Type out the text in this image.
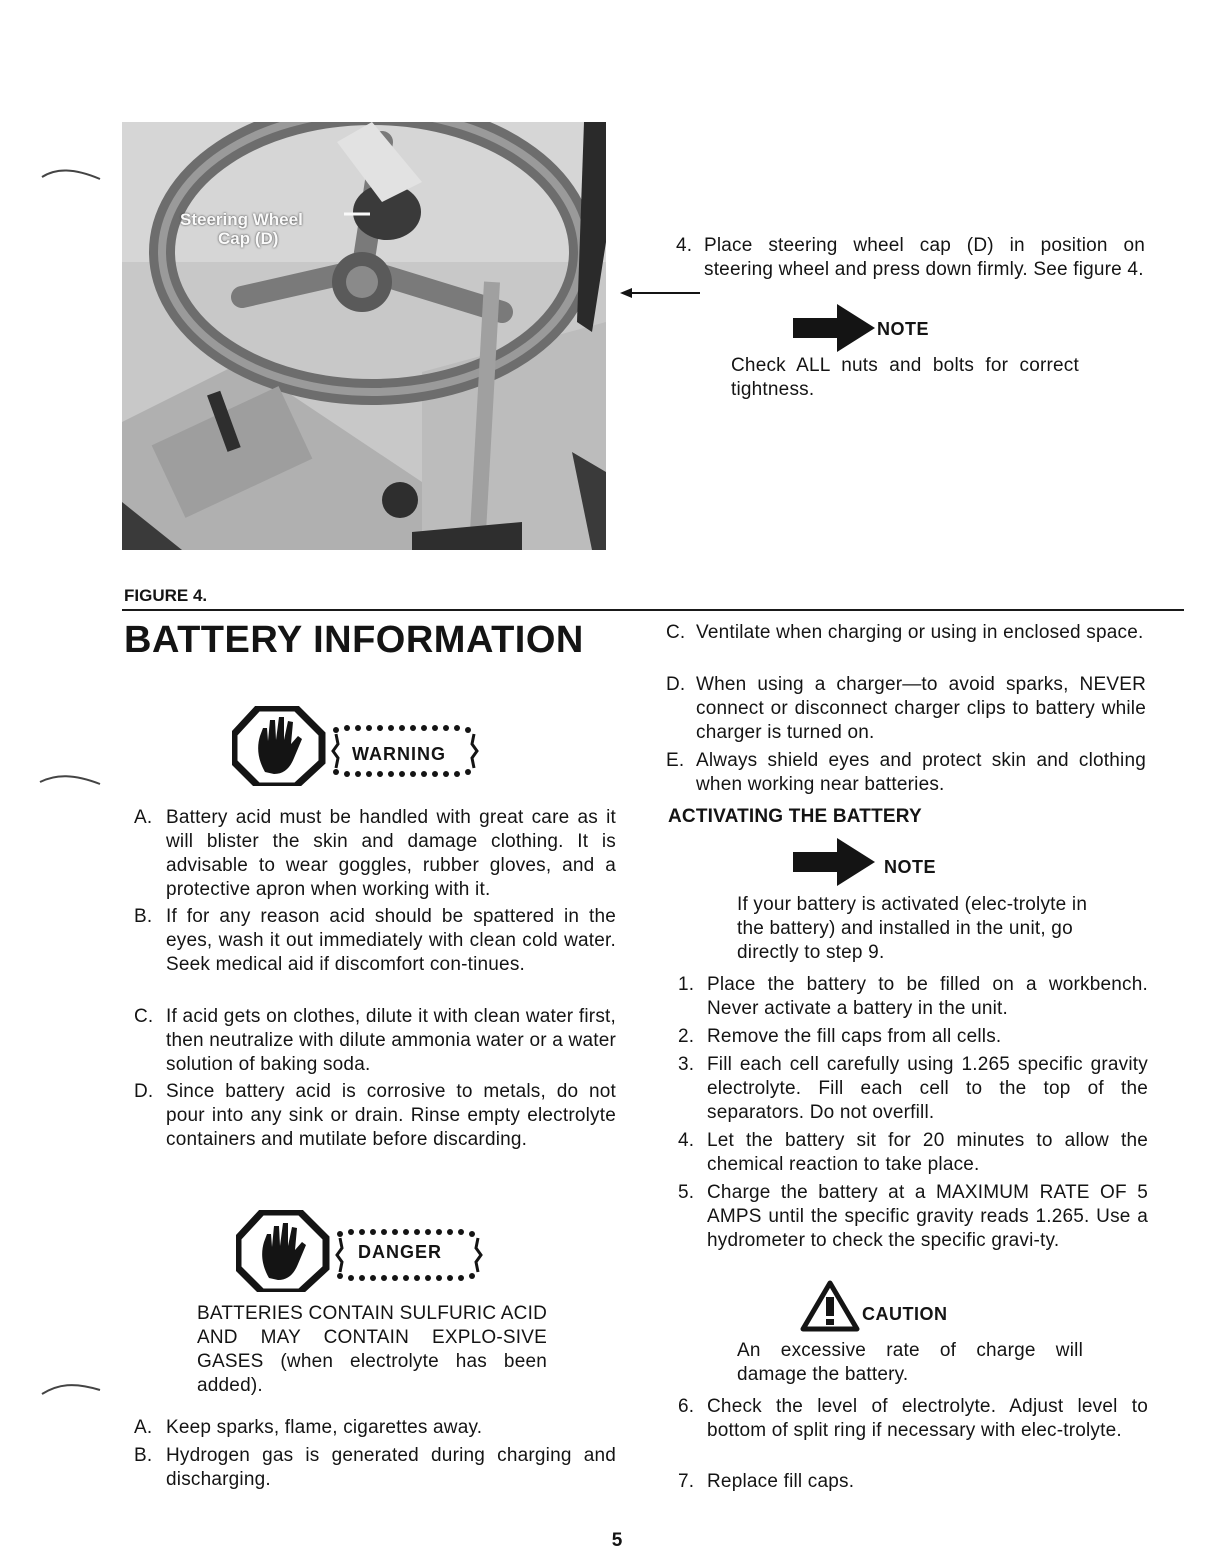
Steering Wheel
Cap (D)
FIGURE 4.
4. Place steering wheel cap (D) in position on steering wheel and press down firmly. See figure 4.
NOTE
Check ALL nuts and bolts for correct tightness.
BATTERY INFORMATION
WARNING
A. Battery acid must be handled with great care as it will blister the skin and damage clothing. It is advisable to wear goggles, rubber gloves, and a protective apron when working with it.
B. If for any reason acid should be spattered in the eyes, wash it out immediately with clean cold water. Seek medical aid if discomfort con-tinues.
C. If acid gets on clothes, dilute it with clean water first, then neutralize with dilute ammonia water or a water solution of baking soda.
D. Since battery acid is corrosive to metals, do not pour into any sink or drain. Rinse empty electrolyte containers and mutilate before discarding.
DANGER
BATTERIES CONTAIN SULFURIC ACID AND MAY CONTAIN EXPLO-SIVE GASES (when electrolyte has been added).
A. Keep sparks, flame, cigarettes away.
B. Hydrogen gas is generated during charging and discharging.
C. Ventilate when charging or using in enclosed space.
D. When using a charger—to avoid sparks, NEVER connect or disconnect charger clips to battery while charger is turned on.
E. Always shield eyes and protect skin and clothing when working near batteries.
ACTIVATING THE BATTERY
NOTE
If your battery is activated (elec-trolyte in the battery) and installed in the unit, go directly to step 9.
1. Place the battery to be filled on a workbench. Never activate a battery in the unit.
2. Remove the fill caps from all cells.
3. Fill each cell carefully using 1.265 specific gravity electrolyte. Fill each cell to the top of the separators. Do not overfill.
4. Let the battery sit for 20 minutes to allow the chemical reaction to take place.
5. Charge the battery at a MAXIMUM RATE OF 5 AMPS until the specific gravity reads 1.265. Use a hydrometer to check the specific gravi-ty.
CAUTION
An excessive rate of charge will damage the battery.
6. Check the level of electrolyte. Adjust level to bottom of split ring if necessary with elec-trolyte.
7. Replace fill caps.
5
